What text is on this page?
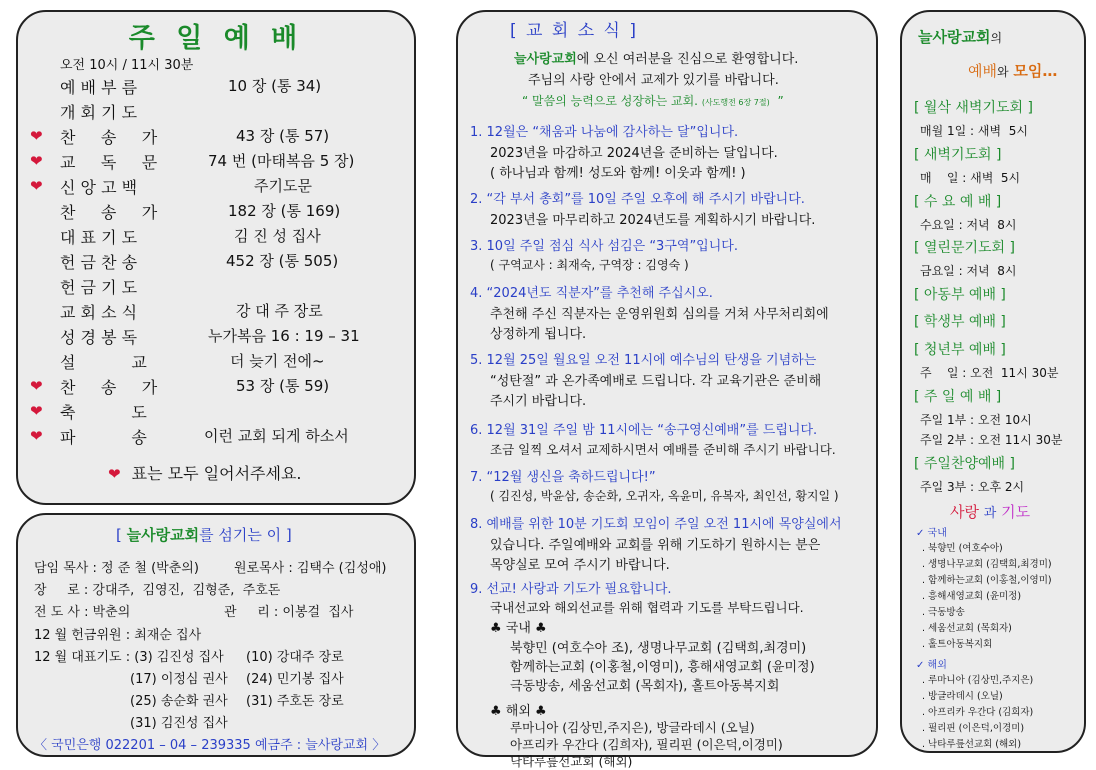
주 일 예 배
오전 10시 / 11시 30분
예 배 부 름	10 장 (통 34)
개 회 기 도
❤ 찬     송     가	43 장 (통 57)
❤ 교     독     문	74 번 (마태복음 5 장)
❤ 신 앙 고 백	주기도문
찬     송     가	182 장 (통 169)
대 표 기 도	김 진 성 집사
헌 금 찬 송	452 장 (통 505)
헌 금 기 도
교 회 소 식	강 대 주 장로
성 경 봉 독	누가복음 16 : 19 – 31
설           교	더 늦기 전에~
❤ 찬     송     가	53 장 (통 59)
❤ 축           도
❤ 파           송	이런 교회 되게 하소서
❤ 표는 모두 일어서주세요.
[ 늘사랑교회를 섬기는 이 ]
담임 목사 : 정 준 철 (박춘의)	원로목사 : 김택수 (김성애)
장     로 : 강대주,  김영진,  김형준,  주호돈
전 도 사 : 박춘의	관     리 : 이봉걸  집사
12 월 헌금위원 : 최재순 집사
12 월 대표기도 : (3) 김진성 집사 (10) 강대주 장로
(17) 이정심 권사 (24) 민기봉 집사
(25) 송순화 권사 (31) 주호돈 장로
(31) 김진성 집사
〈 국민은행 022201 – 04 – 239335 예금주 : 늘사랑교회 〉
[ 교 회 소 식 ]
늘사랑교회에 오신 여러분을 진심으로 환영합니다.
주님의 사랑 안에서 교제가 있기를 바랍니다.
“ 말씀의 능력으로 성장하는 교회. (사도행전 6장 7절) ”
1. 12월은 “채움과 나눔에 감사하는 달”입니다.
2023년을 마감하고 2024년을 준비하는 달입니다.
( 하나님과 함께! 성도와 함께! 이웃과 함께! )
2. “각 부서 총회”를 10일 주일 오후에 해 주시기 바랍니다.
2023년을 마무리하고 2024년도를 계획하시기 바랍니다.
3. 10일 주일 점심 식사 섬김은 “3구역”입니다.
( 구역교사 : 최재숙, 구역장 : 김영숙 )
4. “2024년도 직분자”를 추천해 주십시오.
추천해 주신 직분자는 운영위원회 심의를 거쳐 사무처리회에
상정하게 됩니다.
5. 12월 25일 월요일 오전 11시에 예수님의 탄생을 기념하는
“성탄절” 과 온가족예배로 드립니다. 각 교육기관은 준비해
주시기 바랍니다.
6. 12월 31일 주일 밤 11시에는 “송구영신예배”를 드립니다.
조금 일찍 오셔서 교제하시면서 예배를 준비해 주시기 바랍니다.
7. “12월 생신을 축하드립니다!”
( 김진성, 박윤삼, 송순화, 오귀자, 옥윤미, 유복자, 최인선, 황지일 )
8. 예배를 위한 10분 기도회 모임이 주일 오전 11시에 목양실에서
있습니다. 주일예배와 교회를 위해 기도하기 원하시는 분은
목양실로 모여 주시기 바랍니다.
9. 선교! 사랑과 기도가 필요합니다.
국내선교와 해외선교를 위해 협력과 기도를 부탁드립니다.
♣ 국내 ♣
북향민 (여호수아 조), 생명나무교회 (김택희,최경미)
함께하는교회 (이홍철,이영미), 흥해새영교회 (윤미정)
극동방송, 세움선교회 (목회자), 홀트아동복지회
♣ 해외 ♣
루마니아 (김상민,주지은), 방글라데시 (오닐)
아프리카 우간다 (김희자), 필리핀 (이은덕,이경미)
낙타루릎선교회 (해외)
늘사랑교회의
예배와 모임…
[ 월삭 새벽기도회 ]
매월 1일 : 새벽  5시
[ 새벽기도회 ]
매    일 : 새벽  5시
[ 수 요 예 배 ]
수요일 : 저녁  8시
[ 열린문기도회 ]
금요일 : 저녁  8시
[ 아동부 예배 ]
[ 학생부 예배 ]
[ 청년부 예배 ]
주    일 : 오전  11시 30분
[ 주 일 예 배 ]
주일 1부 : 오전 10시
주일 2부 : 오전 11시 30분
[ 주일찬양예배 ]
주일 3부 : 오후 2시
사랑 과 기도
✓ 국내
. 북향민 (여호수아)
. 생명나무교회 (김택희,최경미)
. 함께하는교회 (이홍철,이영미)
. 흥해새영교회 (윤미정)
. 극동방송
. 세움선교회 (목회자)
. 홀트아동복지회
✓ 해외
. 루마니아 (김상민,주지은)
. 방글라데시 (오닐)
. 아프리카 우간다 (김희자)
. 필리핀 (이은덕,이경미)
. 낙타루릎선교회 (해외)
